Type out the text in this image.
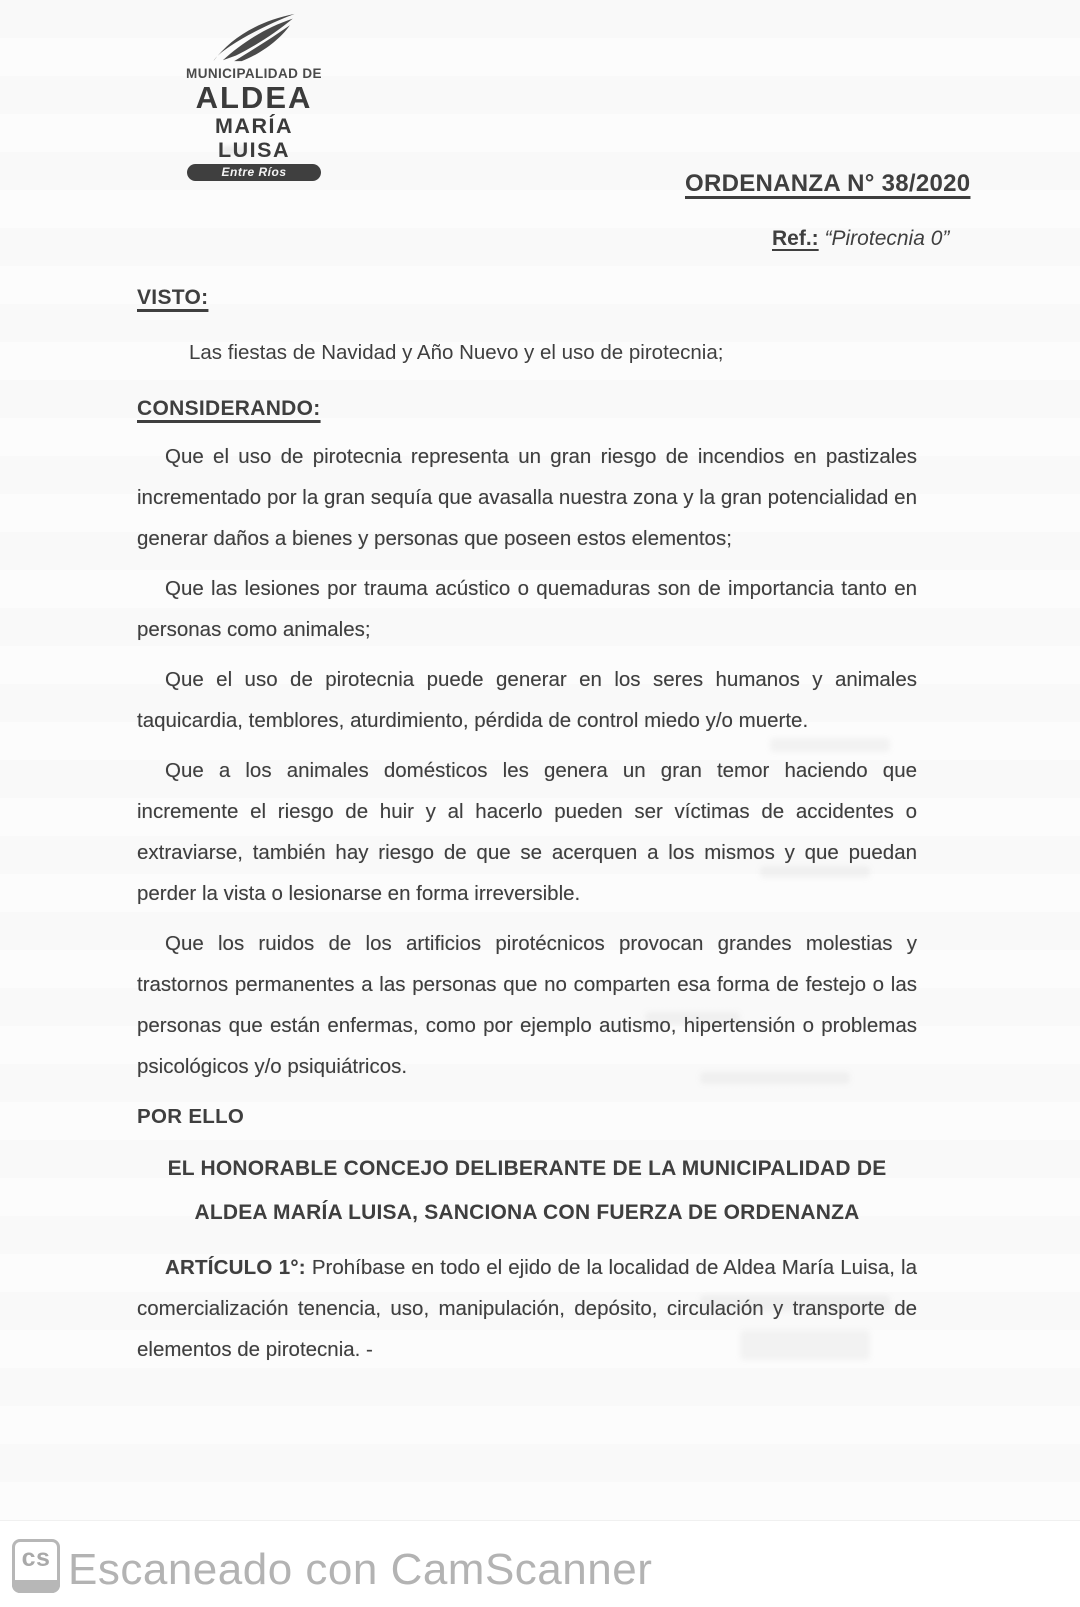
MUNICIPALIDAD DE
ALDEA
MARÍA LUISA
Entre Ríos	ORDENANZA N° 38/2020
Ref.: “Pirotecnia 0”
VISTO:
Las fiestas de Navidad y Año Nuevo y el uso de pirotecnia;
CONSIDERANDO:

Que el uso de pirotecnia representa un gran riesgo de incendios en pastizales incrementado por la gran sequía que avasalla nuestra zona y la gran potencialidad en generar daños a bienes y personas que poseen estos elementos;

Que las lesiones por trauma acústico o quemaduras son de importancia tanto en personas como animales;

Que el uso de pirotecnia puede generar en los seres humanos y animales taquicardia, temblores, aturdimiento, pérdida de control miedo y/o muerte.

Que a los animales domésticos les genera un gran temor haciendo que incremente el riesgo de huir y al hacerlo pueden ser víctimas de accidentes o extraviarse, también hay riesgo de que se acerquen a los mismos y que puedan perder la vista o lesionarse en forma irreversible.

Que los ruidos de los artificios pirotécnicos provocan grandes molestias y trastornos permanentes a las personas que no comparten esa forma de festejo o las personas que están enfermas, como por ejemplo autismo, hipertensión o problemas psicológicos y/o psiquiátricos.

POR ELLO
EL HONORABLE CONCEJO DELIBERANTE DE LA MUNICIPALIDAD DE
ALDEA MARÍA LUISA, SANCIONA CON FUERZA DE ORDENANZA

ARTÍCULO 1°: Prohíbase en todo el ejido de la localidad de Aldea María Luisa, la comercialización tenencia, uso, manipulación, depósito, circulación y transporte de elementos de pirotecnia. -

cs Escaneado con CamScanner
